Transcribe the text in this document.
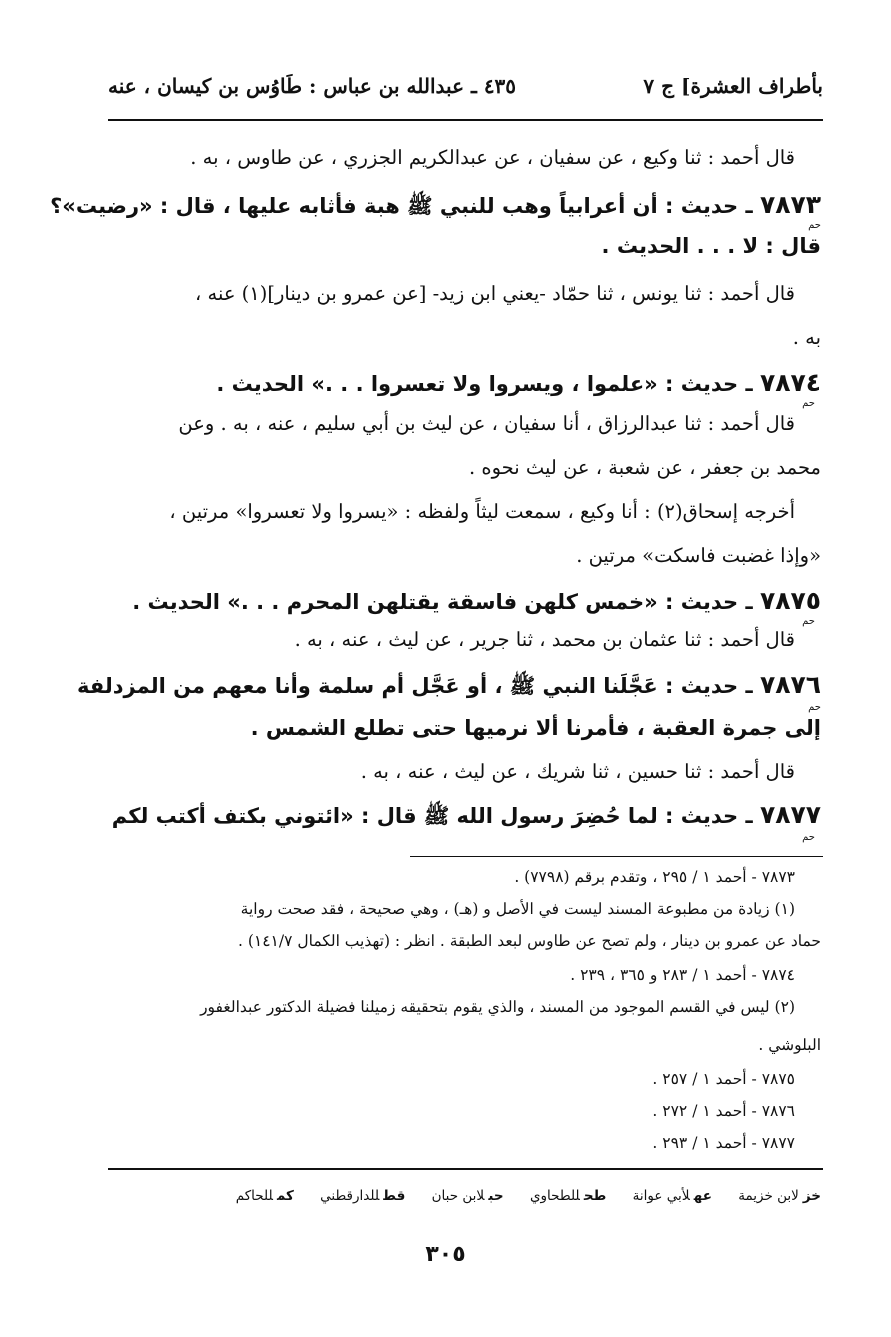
بأطراف العشرة] ج ٧
٤٣٥ ـ عبدالله بن عباس : طَاوُس بن كيسان ، عنه
قال أحمد : ثنا وكيع ، عن سفيان ، عن عبدالكريم الجزري ، عن طاوس ، به .
٧٨٧٣ ـ حديث : أن أعرابياً وهب للنبي ﷺ هبة فأثابه عليها ، قال : «رضيت»؟
حم
قال : لا . . . الحديث .
قال أحمد : ثنا يونس ، ثنا حمّاد -يعني ابن زيد- [عن عمرو بن دينار](١) عنه ،
به .
٧٨٧٤ ـ حديث : «علموا ، ويسروا ولا تعسروا . . .» الحديث .
حم
قال أحمد : ثنا عبدالرزاق ، أنا سفيان ، عن ليث بن أبي سليم ، عنه ، به . وعن
محمد بن جعفر ، عن شعبة ، عن ليث نحوه .
أخرجه إسحاق(٢) : أنا وكيع ، سمعت ليثاً ولفظه : «يسروا ولا تعسروا» مرتين ،
«وإذا غضبت فاسكت» مرتين .
٧٨٧٥ ـ حديث : «خمس كلهن فاسقة يقتلهن المحرم . . .» الحديث .
حم
قال أحمد : ثنا عثمان بن محمد ، ثنا جرير ، عن ليث ، عنه ، به .
٧٨٧٦ ـ حديث : عَجَّلَنا النبي ﷺ ، أو عَجَّل أم سلمة وأنا معهم من المزدلفة
حم
إلى جمرة العقبة ، فأمرنا ألا نرميها حتى تطلع الشمس .
قال أحمد : ثنا حسين ، ثنا شريك ، عن ليث ، عنه ، به .
٧٨٧٧ ـ حديث : لما حُضِرَ رسول الله ﷺ قال : «ائتوني بكتف أكتب لكم
حم
٧٨٧٣ - أحمد ١ / ٢٩٥ ، وتقدم برقم (٧٧٩٨) .
(١) زيادة من مطبوعة المسند ليست في الأصل و (هـ) ، وهي صحيحة ، فقد صحت رواية
حماد عن عمرو بن دينار ، ولم تصح عن طاوس لبعد الطبقة . انظر : (تهذيب الكمال ١٤١/٧) .
٧٨٧٤ - أحمد ١ / ٢٨٣ و ٣٦٥ ، ٢٣٩ .
(٢) ليس في القسم الموجود من المسند ، والذي يقوم بتحقيقه زميلنا فضيلة الدكتور عبدالغفور
البلوشي .
٧٨٧٥ - أحمد ١ / ٢٥٧ .
٧٨٧٦ - أحمد ١ / ٢٧٢ .
٧٨٧٧ - أحمد ١ / ٢٩٣ .
خزلابن خزيمة عهلأبي عوانة طحللطحاوي حبلابن حبان قطللدارقطني كمللحاكم
٣٠٥
